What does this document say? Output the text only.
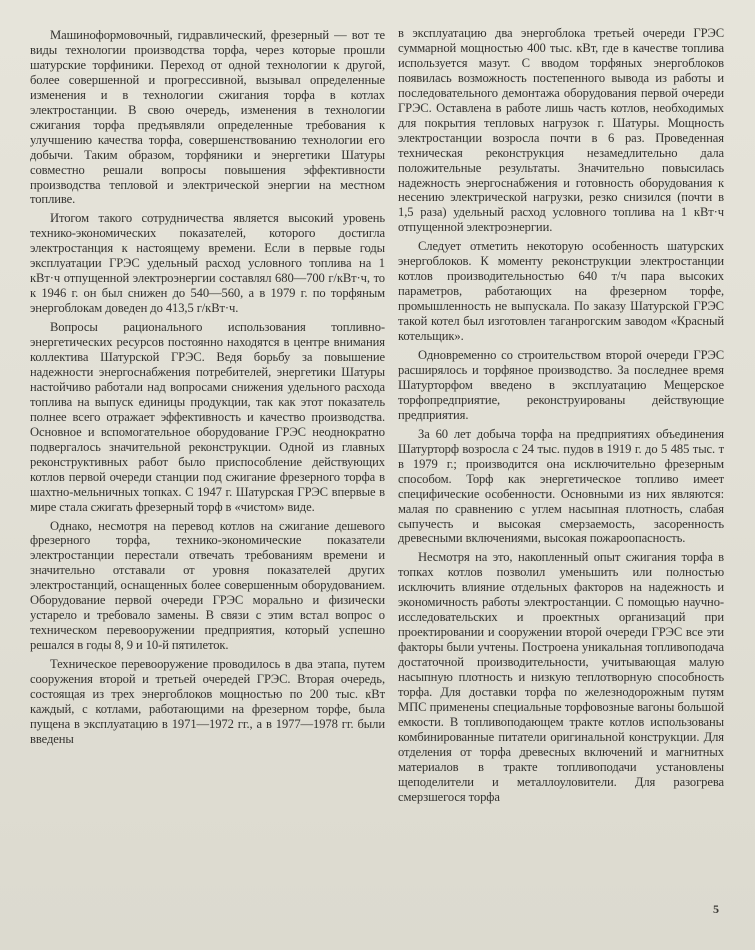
Машиноформовочный, гидравлический, фрезерный — вот те виды технологии производства торфа, через которые прошли шатурские торфиники. Переход от одной технологии к другой, более совершенной и прогрессивной, вызывал определенные изменения и в технологии сжигания торфа в котлах электростанции. В свою очередь, изменения в технологии сжигания торфа предъявляли определенные требования к улучшению качества торфа, совершенствованию технологии его добычи. Таким образом, торфяники и энергетики Шатуры совместно решали вопросы повышения эффективности производства тепловой и электрической энергии на местном топливе.

Итогом такого сотрудничества является высокий уровень технико-экономических показателей, которого достигла электростанция к настоящему времени. Если в первые годы эксплуатации ГРЭС удельный расход условного топлива на 1 кВт·ч отпущенной электроэнергии составлял 680—700 г/кВт·ч, то к 1946 г. он был снижен до 540—560, а в 1979 г. по торфяным энергоблокам доведен до 413,5 г/кВт·ч.

Вопросы рационального использования топливно-энергетических ресурсов постоянно находятся в центре внимания коллектива Шатурской ГРЭС. Ведя борьбу за повышение надежности энергоснабжения потребителей, энергетики Шатуры настойчиво работали над вопросами снижения удельного расхода топлива на выпуск единицы продукции, так как этот показатель полнее всего отражает эффективность и качество производства. Основное и вспомогательное оборудование ГРЭС неоднократно подвергалось значительной реконструкции. Одной из главных реконструктивных работ было приспособление действующих котлов первой очереди станции под сжигание фрезерного торфа в шахтно-мельничных топках. С 1947 г. Шатурская ГРЭС впервые в мире стала сжигать фрезерный торф в «чистом» виде.

Однако, несмотря на перевод котлов на сжигание дешевого фрезерного торфа, технико-экономические показатели электростанции перестали отвечать требованиям времени и значительно отставали от уровня показателей других электростанций, оснащенных более совершенным оборудованием. Оборудование первой очереди ГРЭС морально и физически устарело и требовало замены. В связи с этим встал вопрос о техническом перевооружении предприятия, который успешно решался в годы 8, 9 и 10-й пятилеток.

Техническое перевооружение проводилось в два этапа, путем сооружения второй и третьей очередей ГРЭС. Вторая очередь, состоящая из трех энергоблоков мощностью по 200 тыс. кВт каждый, с котлами, работающими на фрезерном торфе, была пущена в эксплуатацию в 1971—1972 гг., а в 1977—1978 гг. были введены

в эксплуатацию два энергоблока третьей очереди ГРЭС суммарной мощностью 400 тыс. кВт, где в качестве топлива используется мазут. С вводом торфяных энергоблоков появилась возможность постепенного вывода из работы и последовательного демонтажа оборудования первой очереди ГРЭС. Оставлена в работе лишь часть котлов, необходимых для покрытия тепловых нагрузок г. Шатуры. Мощность электростанции возросла почти в 6 раз. Проведенная техническая реконструкция незамедлительно дала положительные результаты. Значительно повысилась надежность энергоснабжения и готовность оборудования к несению электрической нагрузки, резко снизился (почти в 1,5 раза) удельный расход условного топлива на 1 кВт·ч отпущенной электроэнергии.

Следует отметить некоторую особенность шатурских энергоблоков. К моменту реконструкции электростанции котлов производительностью 640 т/ч пара высоких параметров, работающих на фрезерном торфе, промышленность не выпускала. По заказу Шатурской ГРЭС такой котел был изготовлен таганрогским заводом «Красный котельщик».

Одновременно со строительством второй очереди ГРЭС расширялось и торфяное производство. За последнее время Шатурторфом введено в эксплуатацию Мещерское торфопредприятие, реконструированы действующие предприятия.

За 60 лет добыча торфа на предприятиях объединения Шатурторф возросла с 24 тыс. пудов в 1919 г. до 5 485 тыс. т в 1979 г.; производится она исключительно фрезерным способом. Торф как энергетическое топливо имеет специфические особенности. Основными из них являются: малая по сравнению с углем насыпная плотность, слабая сыпучесть и высокая смерзаемость, засоренность древесными включениями, высокая пожароопасность.

Несмотря на это, накопленный опыт сжигания торфа в топках котлов позволил уменьшить или полностью исключить влияние отдельных факторов на надежность и экономичность работы электростанции. С помощью научно-исследовательских и проектных организаций при проектировании и сооружении второй очереди ГРЭС все эти факторы были учтены. Построена уникальная топливоподача достаточной производительности, учитывающая малую насыпную плотность и низкую теплотворную способность торфа. Для доставки торфа по железнодорожным путям МПС применены специальные торфовозные вагоны большой емкости. В топливоподающем тракте котлов использованы комбинированные питатели оригинальной конструкции. Для отделения от торфа древесных включений и магнитных материалов в тракте топливоподачи установлены щеподелители и металлоуловители. Для разогрева смерзшегося торфа

5
